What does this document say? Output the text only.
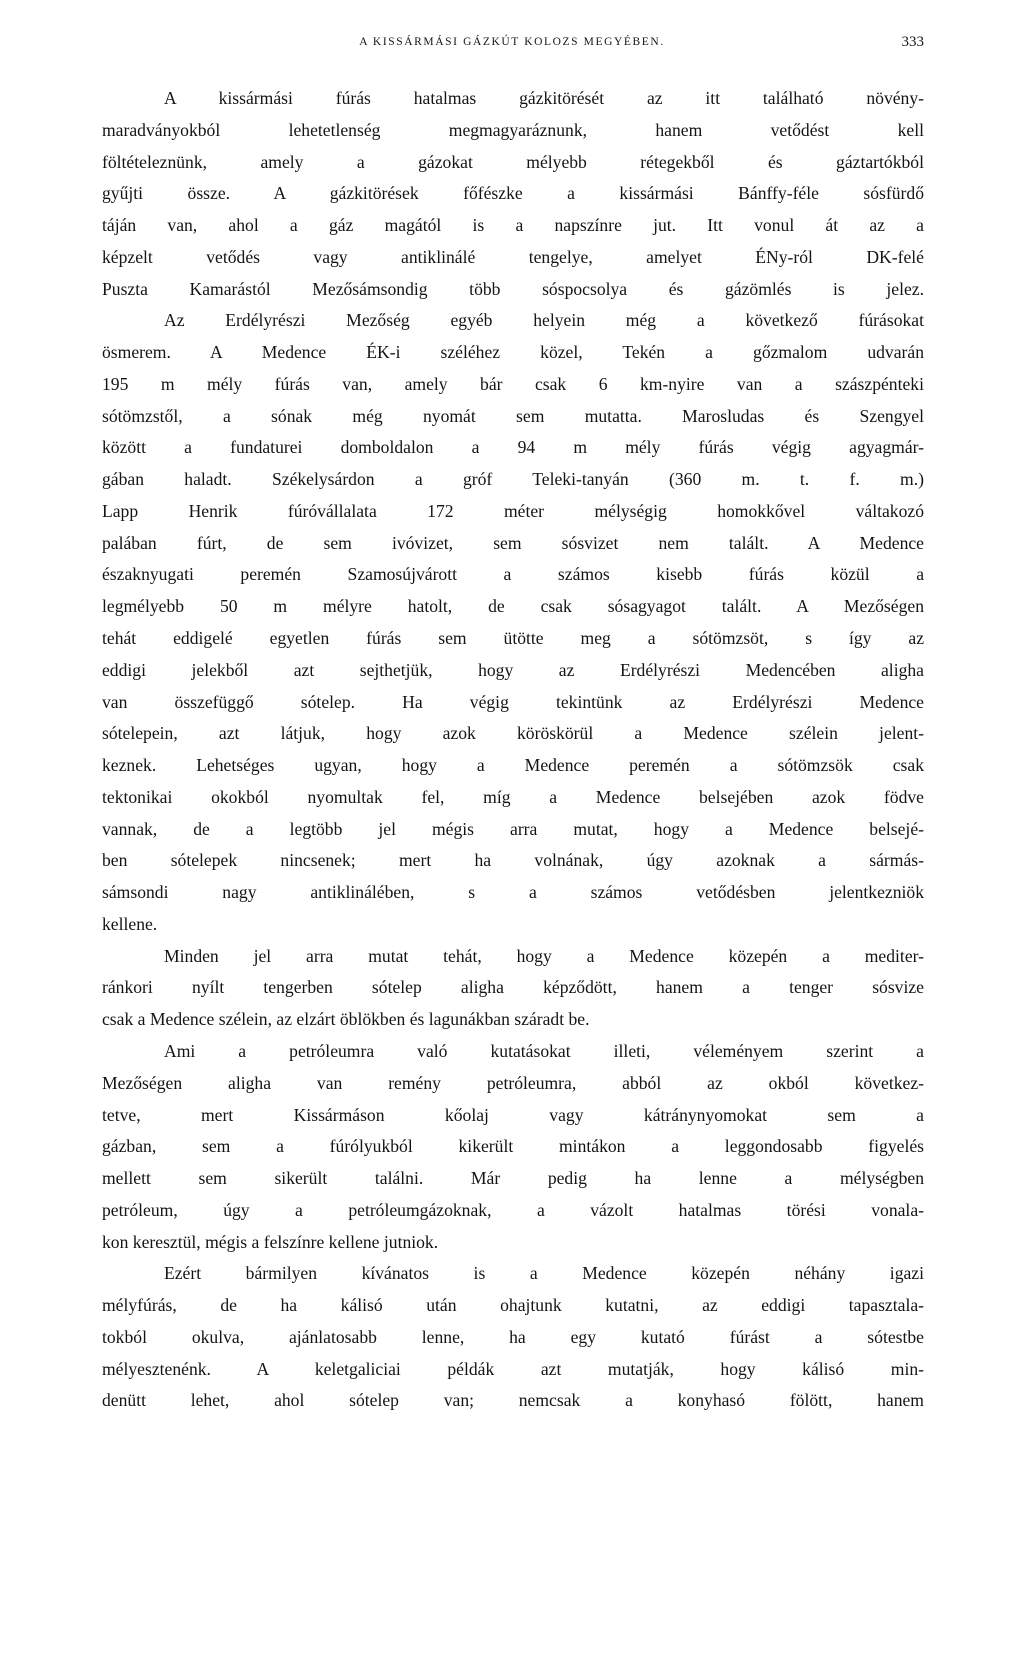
A KISSÁRMÁSI GÁZKÚT KOLOZS MEGYÉBEN.	333
A kissármási fúrás hatalmas gázkitörését az itt található növény-
maradványokból lehetetlenség megmagyaráznunk, hanem vetődést kell
föltételeznünk, amely a gázokat mélyebb rétegekből és gáztartókból
gyűjti össze. A gázkitörések főfészke a kissármási Bánffy-féle sósfürdő
táján van, ahol a gáz magától is a napszínre jut. Itt vonul át az a
képzelt vetődés vagy antiklinálé tengelye, amelyet ÉNy-ról DK-felé
Puszta Kamarástól Mezősámsondig több sóspocsolya és gázömlés is jelez.
Az Erdélyrészi Mezőség egyéb helyein még a következő fúrásokat
ösmerem. A Medence ÉK-i széléhez közel, Tekén a gőzmalom udvarán
195 m mély fúrás van, amely bár csak 6 km-nyire van a szászpénteki
sótömzstől, a sónak még nyomát sem mutatta. Marosludas és Szengyel
között a fundaturei domboldalon a 94 m mély fúrás végig agyagmár-
gában haladt. Székelysárdon a gróf Teleki-tanyán (360 m. t. f. m.)
Lapp Henrik fúróvállalata 172 méter mélységig homokkővel váltakozó
palában fúrt, de sem ivóvizet, sem sósvizet nem talált. A Medence
északnyugati peremén Szamosújvárott a számos kisebb fúrás közül a
legmélyebb 50 m mélyre hatolt, de csak sósagyagot talált. A Mezőségen
tehát eddigelé egyetlen fúrás sem ütötte meg a sótömzsöt, s így az
eddigi jelekből azt sejthetjük, hogy az Erdélyrészi Medencében aligha
van összefüggő sótelep. Ha végig tekintünk az Erdélyrészi Medence
sótelepein, azt látjuk, hogy azok köröskörül a Medence szélein jelent-
keznek. Lehetséges ugyan, hogy a Medence peremén a sótömzsök csak
tektonikai okokból nyomultak fel, míg a Medence belsejében azok födve
vannak, de a legtöbb jel mégis arra mutat, hogy a Medence belsejé-
ben sótelepek nincsenek; mert ha volnának, úgy azoknak a sármás-
sámsondi nagy antiklinálében, s a számos vetődésben jelentkezniök
kellene.
Minden jel arra mutat tehát, hogy a Medence közepén a mediter-
ránkori nyílt tengerben sótelep aligha képződött, hanem a tenger sósvize
csak a Medence szélein, az elzárt öblökben és lagunákban száradt be.
Ami a petróleumra való kutatásokat illeti, véleményem szerint a
Mezőségen aligha van remény petróleumra, abból az okból következ-
tetve, mert Kissármáson kőolaj vagy kátránynyomokat sem a
gázban, sem a fúrólyukból kikerült mintákon a leggondosabb figyelés
mellett sem sikerült találni. Már pedig ha lenne a mélységben
petróleum, úgy a petróleumgázoknak, a vázolt hatalmas törési vonala-
kon keresztül, mégis a felszínre kellene jutniok.
Ezért bármilyen kívánatos is a Medence közepén néhány igazi
mélyfúrás, de ha kálisó után ohajtunk kutatni, az eddigi tapasztala-
tokból okulva, ajánlatosabb lenne, ha egy kutató fúrást a sótestbe
mélyesztenénk. A keletgaliciai példák azt mutatják, hogy kálisó min-
denütt lehet, ahol sótelep van; nemcsak a konyhasó fölött, hanem
